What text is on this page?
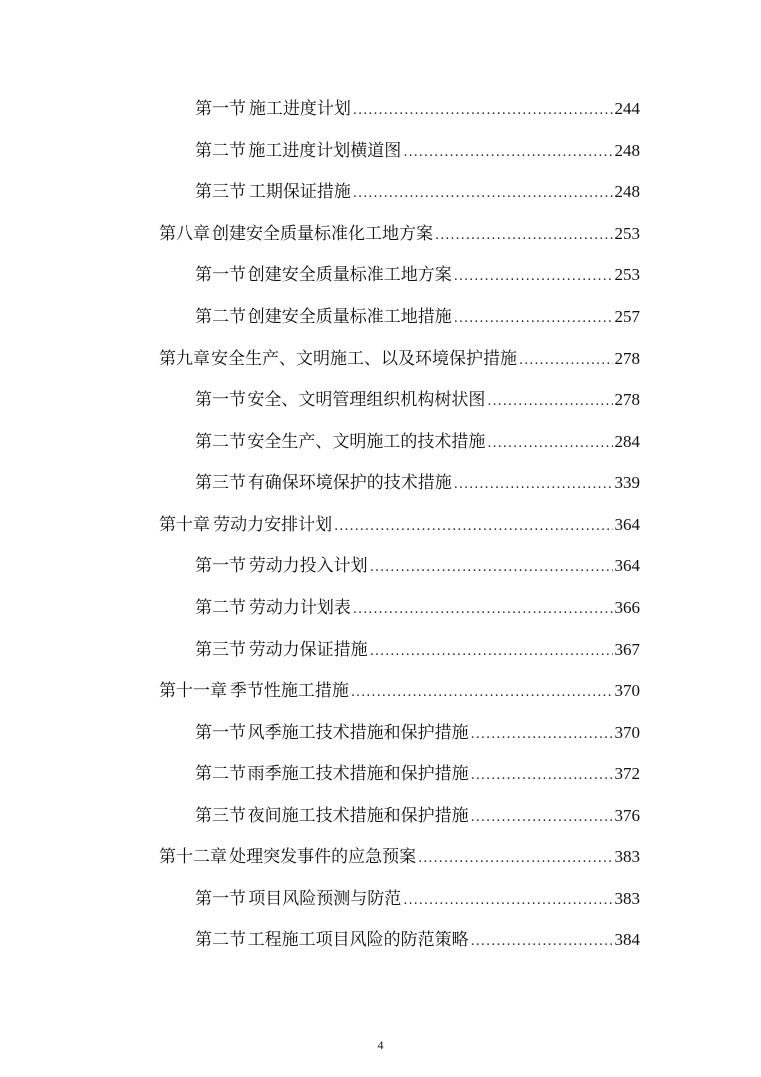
第一节 施工进度计划 .....	244
第二节 施工进度计划横道图 .....	248
第三节 工期保证措施 .....	248
第八章 创建安全质量标准化工地方案 .....	253
第一节 创建安全质量标准工地方案 .....	253
第二节 创建安全质量标准工地措施 .....	257
第九章 安全生产、文明施工、以及环境保护措施 .....	278
第一节 安全、文明管理组织机构树状图 .....	278
第二节 安全生产、文明施工的技术措施 .....	284
第三节 有确保环境保护的技术措施 .....	339
第十章 劳动力安排计划 .....	364
第一节 劳动力投入计划 .....	364
第二节 劳动力计划表 .....	366
第三节 劳动力保证措施 .....	367
第十一章 季节性施工措施 .....	370
第一节 风季施工技术措施和保护措施 .....	370
第二节 雨季施工技术措施和保护措施 .....	372
第三节 夜间施工技术措施和保护措施 .....	376
第十二章 处理突发事件的应急预案 .....	383
第一节 项目风险预测与防范 .....	383
第二节 工程施工项目风险的防范策略 .....	384
4
